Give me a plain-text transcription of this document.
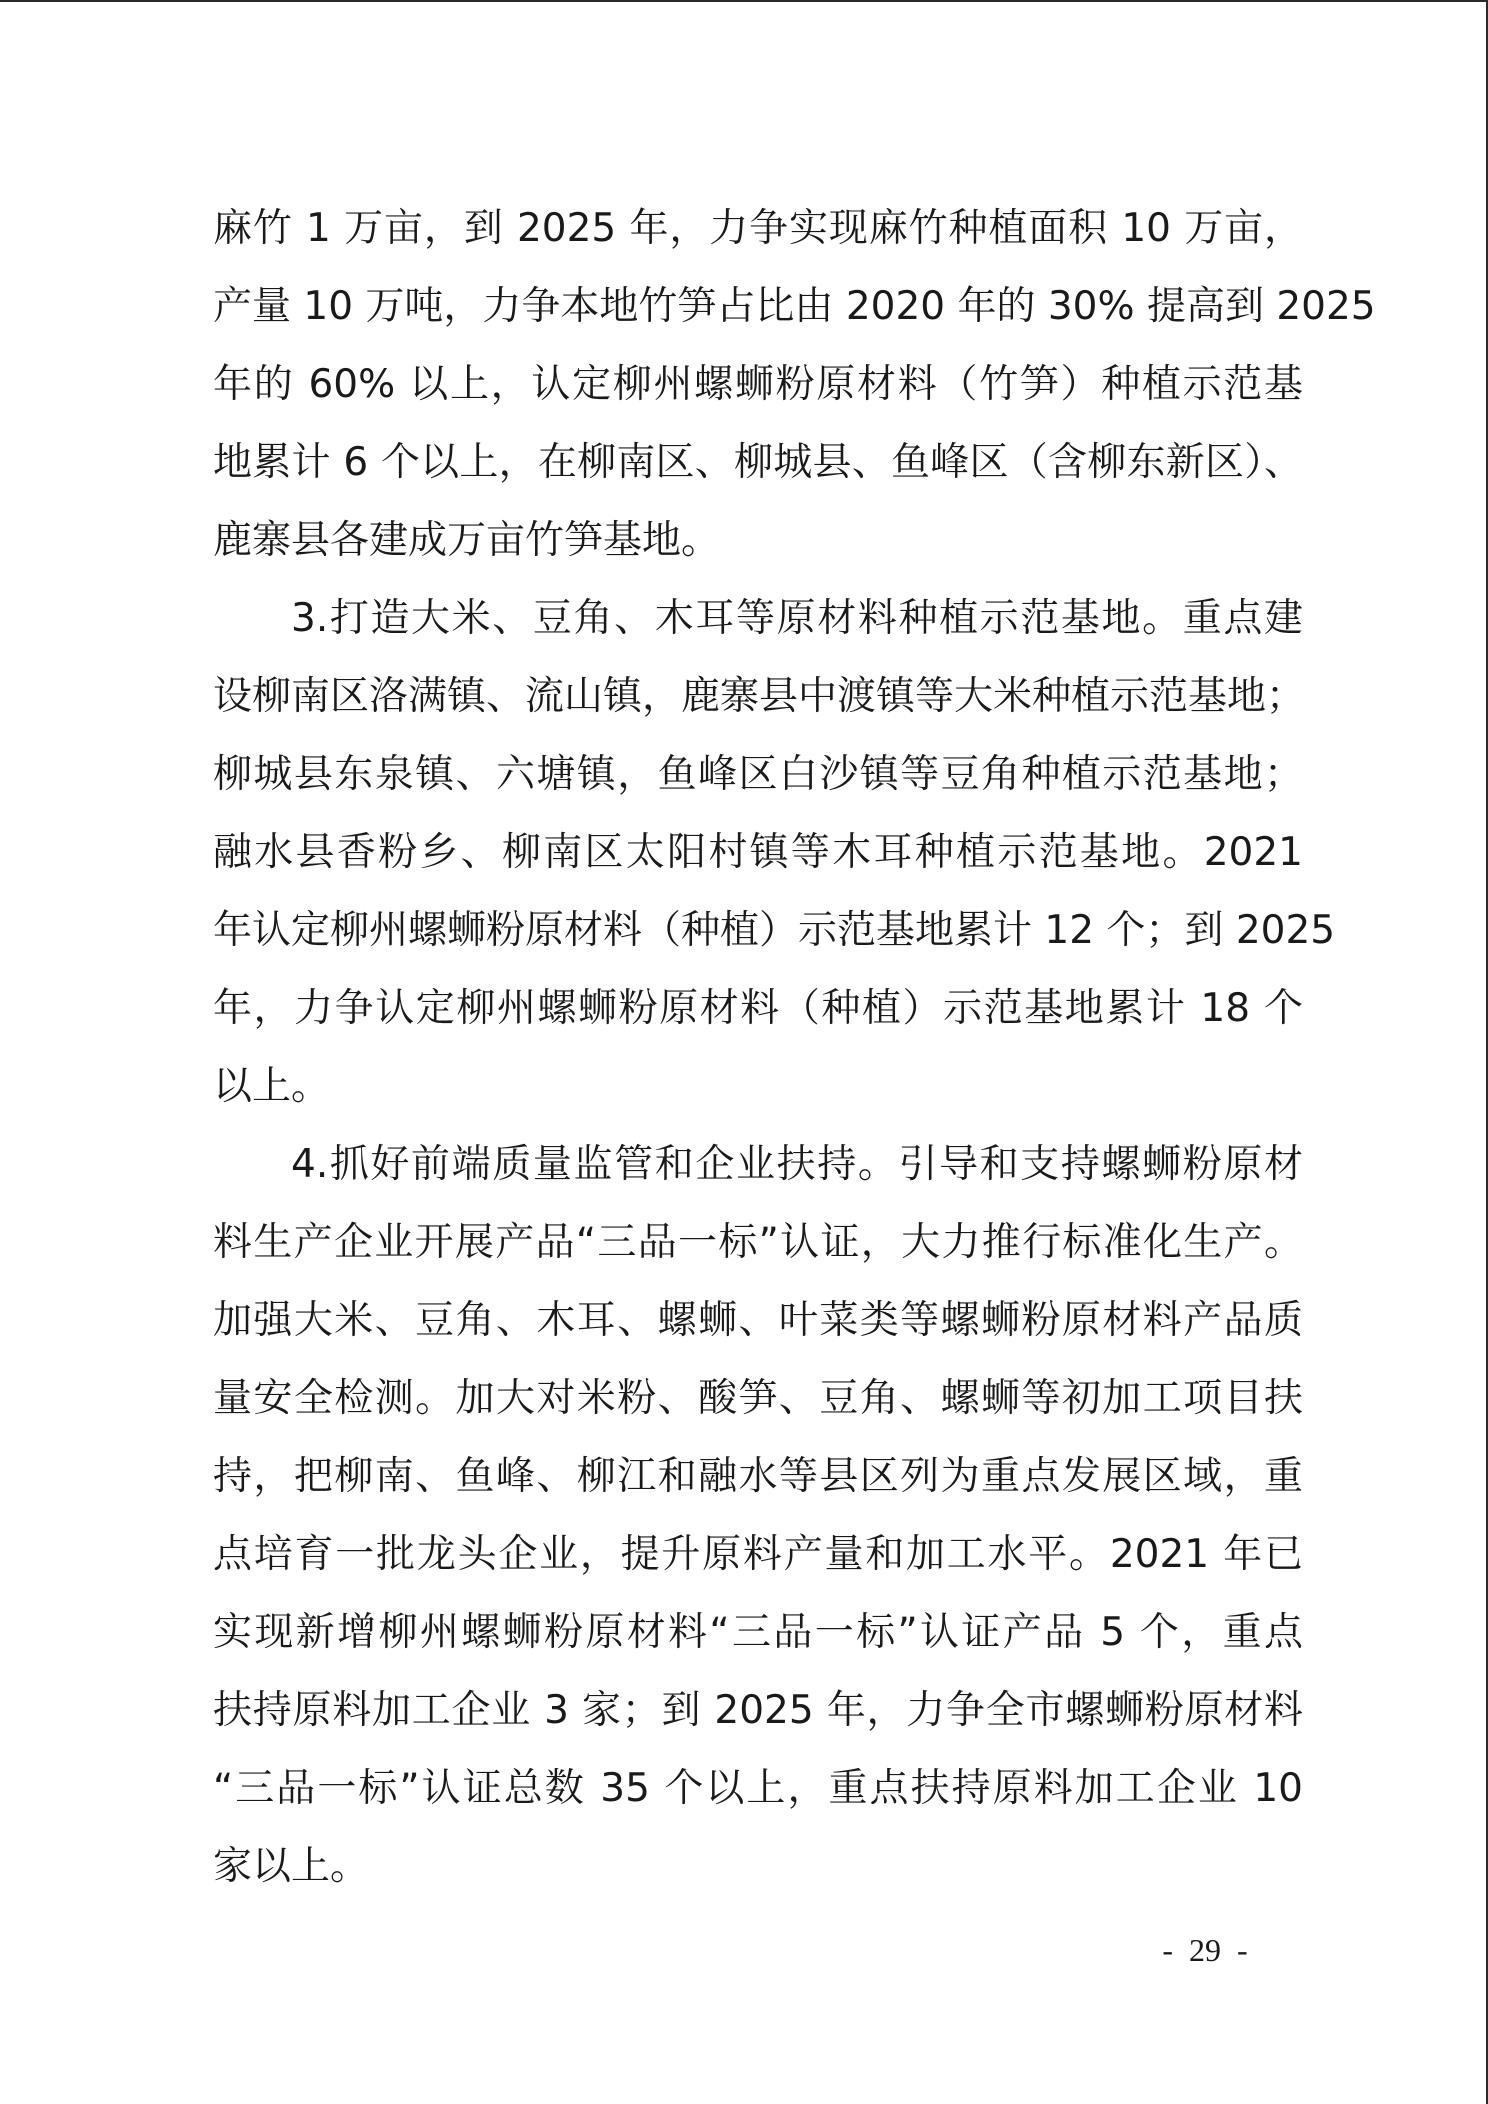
麻竹 1 万亩，到 2025 年，力争实现麻竹种植面积 10 万亩，
产量 10 万吨，力争本地竹笋占比由 2020 年的 30% 提高到 2025
年的 60% 以上，认定柳州螺蛳粉原材料（竹笋）种植示范基
地累计 6 个以上，在柳南区、柳城县、鱼峰区（含柳东新区）、
鹿寨县各建成万亩竹笋基地。
3.打造大米、豆角、木耳等原材料种植示范基地。重点建
设柳南区洛满镇、流山镇，鹿寨县中渡镇等大米种植示范基地；
柳城县东泉镇、六塘镇，鱼峰区白沙镇等豆角种植示范基地；
融水县香粉乡、柳南区太阳村镇等木耳种植示范基地。2021
年认定柳州螺蛳粉原材料（种植）示范基地累计 12 个；到 2025
年，力争认定柳州螺蛳粉原材料（种植）示范基地累计 18 个
以上。
4.抓好前端质量监管和企业扶持。引导和支持螺蛳粉原材
料生产企业开展产品“三品一标”认证，大力推行标准化生产。
加强大米、豆角、木耳、螺蛳、叶菜类等螺蛳粉原材料产品质
量安全检测。加大对米粉、酸笋、豆角、螺蛳等初加工项目扶
持，把柳南、鱼峰、柳江和融水等县区列为重点发展区域，重
点培育一批龙头企业，提升原料产量和加工水平。2021 年已
实现新增柳州螺蛳粉原材料“三品一标”认证产品 5 个，重点
扶持原料加工企业 3 家；到 2025 年，力争全市螺蛳粉原材料
“三品一标”认证总数 35 个以上，重点扶持原料加工企业 10
家以上。
-  29  -
